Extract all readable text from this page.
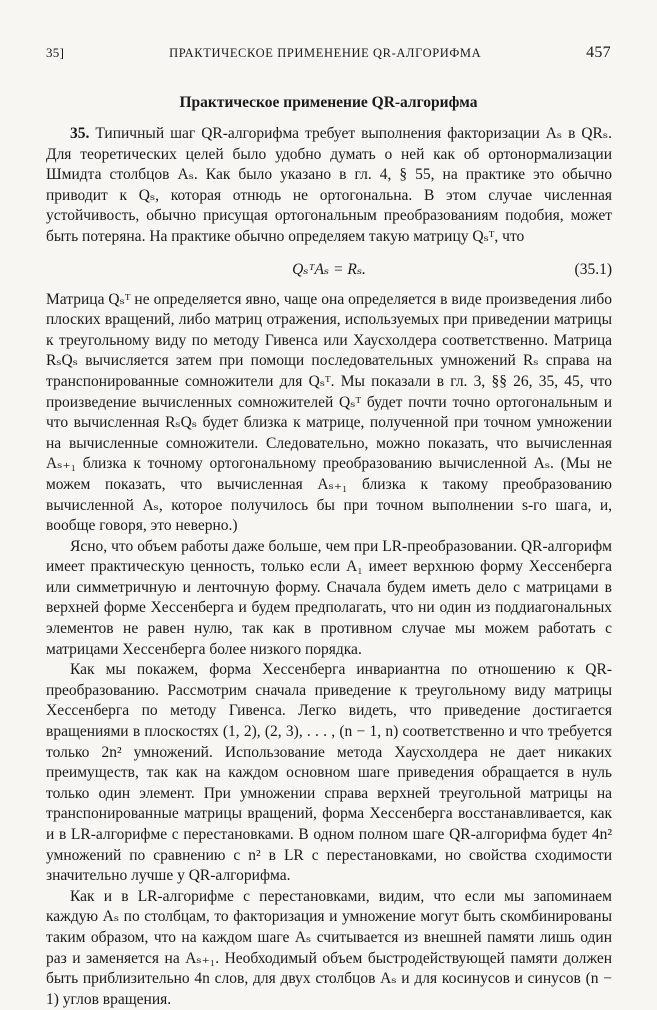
35]	ПРАКТИЧЕСКОЕ ПРИМЕНЕНИЕ QR-АЛГОРИФМА	457
Практическое применение QR-алгорифма

35. Типичный шаг QR-алгорифма требует выполнения факторизации Aₛ в QRₛ. Для теоретических целей было удобно думать о ней как об ортонормализации Шмидта столбцов Aₛ. Как было указано в гл. 4, § 55, на практике это обычно приводит к Qₛ, которая отнюдь не ортогональна. В этом случае численная устойчивость, обычно присущая ортогональным преобразованиям подобия, может быть потеряна. На практике обычно определяем такую матрицу Qₛᵀ, что

QₛᵀAₛ = Rₛ.	(35.1)

Матрица Qₛᵀ не определяется явно, чаще она определяется в виде произведения либо плоских вращений, либо матриц отражения, используемых при приведении матрицы к треугольному виду по методу Гивенса или Хаусхолдера соответственно. Матрица RₛQₛ вычисляется затем при помощи последовательных умножений Rₛ справа на транспонированные сомножители для Qₛᵀ. Мы показали в гл. 3, §§ 26, 35, 45, что произведение вычисленных сомножителей Qₛᵀ будет почти точно ортогональным и что вычисленная RₛQₛ будет близка к матрице, полученной при точном умножении на вычисленные сомножители. Следовательно, можно показать, что вычисленная Aₛ₊₁ близка к точному ортогональному преобразованию вычисленной Aₛ. (Мы не можем показать, что вычисленная Aₛ₊₁ близка к такому преобразованию вычисленной Aₛ, которое получилось бы при точном выполнении s-го шага, и, вообще говоря, это неверно.)

Ясно, что объем работы даже больше, чем при LR-преобразовании. QR-алгорифм имеет практическую ценность, только если A₁ имеет верхнюю форму Хессенберга или симметричную и ленточную форму. Сначала будем иметь дело с матрицами в верхней форме Хессенберга и будем предполагать, что ни один из поддиагональных элементов не равен нулю, так как в противном случае мы можем работать с матрицами Хессенберга более низкого порядка.

Как мы покажем, форма Хессенберга инвариантна по отношению к QR-преобразованию. Рассмотрим сначала приведение к треугольному виду матрицы Хессенберга по методу Гивенса. Легко видеть, что приведение достигается вращениями в плоскостях (1, 2), (2, 3), . . . , (n − 1, n) соответственно и что требуется только 2n² умножений. Использование метода Хаусхолдера не дает никаких преимуществ, так как на каждом основном шаге приведения обращается в нуль только один элемент. При умножении справа верхней треугольной матрицы на транспонированные матрицы вращений, форма Хессенберга восстанавливается, как и в LR-алгорифме с перестановками. В одном полном шаге QR-алгорифма будет 4n² умножений по сравнению с n² в LR с перестановками, но свойства сходимости значительно лучше у QR-алгорифма.

Как и в LR-алгорифме с перестановками, видим, что если мы запоминаем каждую Aₛ по столбцам, то факторизация и умножение могут быть скомбинированы таким образом, что на каждом шаге Aₛ считывается из внешней памяти лишь один раз и заменяется на Aₛ₊₁. Необходимый объем быстродействующей памяти должен быть приблизительно 4n слов, для двух столбцов Aₛ и для косинусов и синусов (n − 1) углов вращения.
